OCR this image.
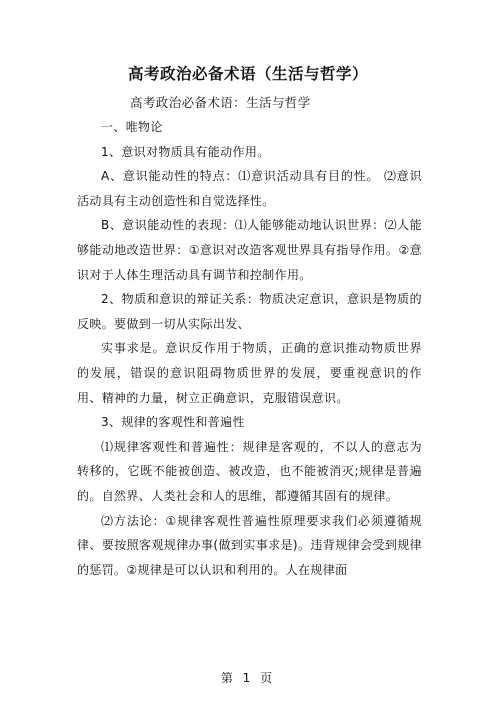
高考政治必备术语（生活与哲学）
高考政治必备术语：生活与哲学

一、唯物论

1、意识对物质具有能动作用。

A、意识能动性的特点：⑴意识活动具有目的性。 ⑵意识活动具有主动创造性和自觉选择性。

B、意识能动性的表现：⑴人能够能动地认识世界：⑵人能够能动地改造世界：①意识对改造客观世界具有指导作用。②意识对于人体生理活动具有调节和控制作用。

2、物质和意识的辩证关系：物质决定意识，意识是物质的反映。要做到一切从实际出发、

实事求是。意识反作用于物质，正确的意识推动物质世界的发展，错误的意识阻碍物质世界的发展，要重视意识的作用、精神的力量，树立正确意识，克服错误意识。

3、规律的客观性和普遍性

⑴规律客观性和普遍性：规律是客观的，不以人的意志为转移的，它既不能被创造、被改造，也不能被消灭;规律是普遍的。自然界、人类社会和人的思维，都遵循其固有的规律。

⑵方法论：①规律客观性普遍性原理要求我们必须遵循规律、要按照客观规律办事(做到实事求是)。违背规律会受到规律的惩罚。②规律是可以认识和利用的。人在规律面

第 1 页
